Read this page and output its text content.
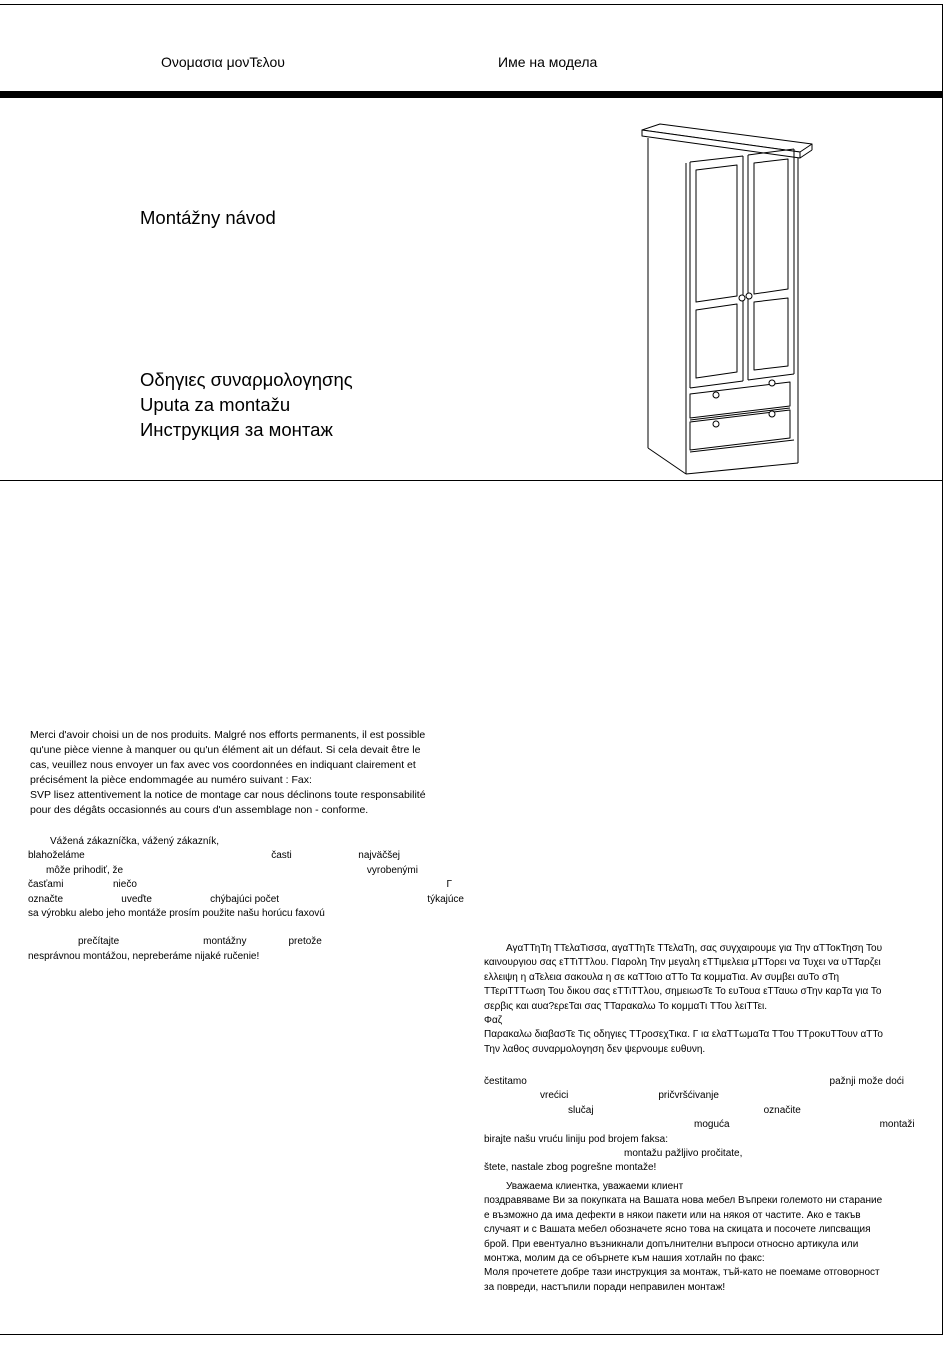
Ονομασια μονΤελου	Име на модела
Montážny návod
Οδηγιες συναρμολογησης
Uputa za montažu
Инструкция за монтаж

Merci d'avoir choisi un de nos produits. Malgré nos efforts permanents, il est possible

qu'une pièce vienne à manquer ou qu'un élément ait un défaut. Si cela devait être le

cas, veuillez nous envoyer un fax avec vos coordonnées en indiquant clairement et

précisément la pièce endommagée au numéro suivant : Fax:

SVP lisez attentivement la notice de montage car nous déclinons toute responsabilité

pour des dégâts occasionnés au cours d'un assemblage non - conforme.

Vážená zákazníčka, vážený zákazník,

blahoželáme	časti	najväčšej
môže prihodiť, že	vyrobenými
časťami	niečo	Γ
označte	uveďte	chýbajúci počet	týkajúce

sa výrobku alebo jeho montáže prosím použite našu horúcu faxovú

prečítajte	montážny	pretože

nesprávnou montážou, nepreberáme nijaké ručenie!

ΑγαΤΤηΤη ΤΤελαΤισσα, αγαΤΤηΤε ΤΤελαΤη, σας συγχαιρουμε για Την αΤΤοκΤηση Του

καινουργιου σας εΤΤιΤΤλου. ΓΙαρολη Την μεγαλη εΤΤιμελεια μΤΤορει να Τυχει να υΤΤαρζει

ελλειψη η αΤελεια σακουλα η σε καΤΤοιο αΤΤο Τα κομμαΤια. Αν συμβει αυΤο σΤη

ΤΤεριΤΤΤωση Του δικου σας εΤΤιΤΤλου, σημειωσΤε Το ευΤουα εΤΤαυω σΤην καρΤα για Το

σερβις και αυα?ερεΤαι σας ΤΤαρακαλω Το κομμαΤι ΤΤου λειΤΤει.

Φαζ

Παρακαλω διαβασΤε Τις οδηγιες ΤΤροσεχΤικα. Γ ια ελαΤΤωμαΤα ΤΤου ΤΤροκυΤΤουν αΤΤο

Την λαθος συναρμολογηση δεν ψερνουμε ευθυνη.

čestitamo	pažnji može doći
vrećici	pričvršćivanje
slučaj	označite
moguća	montaži

birajte našu vruću liniju pod brojem faksa:

montažu pažljivo pročitate,

štete, nastale zbog pogrešne montaže!

Уважаема клиентка, уважаеми клиент

поздравяваме Ви за покупката на Вашата нова мебел Въпреки големото ни старание

е възможно да има дефекти в някои пакети или на някоя от частите. Ако е такъв

случаят и с Вашата мебел обозначете ясно това на скицата и посочете липсващия

брой. При евентуално възникнали допълнителни въпроси относно артикула или

монтжа, молим да се обърнете към нашия хотлайн по факс:

Моля прочетете добре тази инструкция за монтаж, тъй-като не поемаме отговорност

за повреди, настъпили поради неправилен монтаж!
